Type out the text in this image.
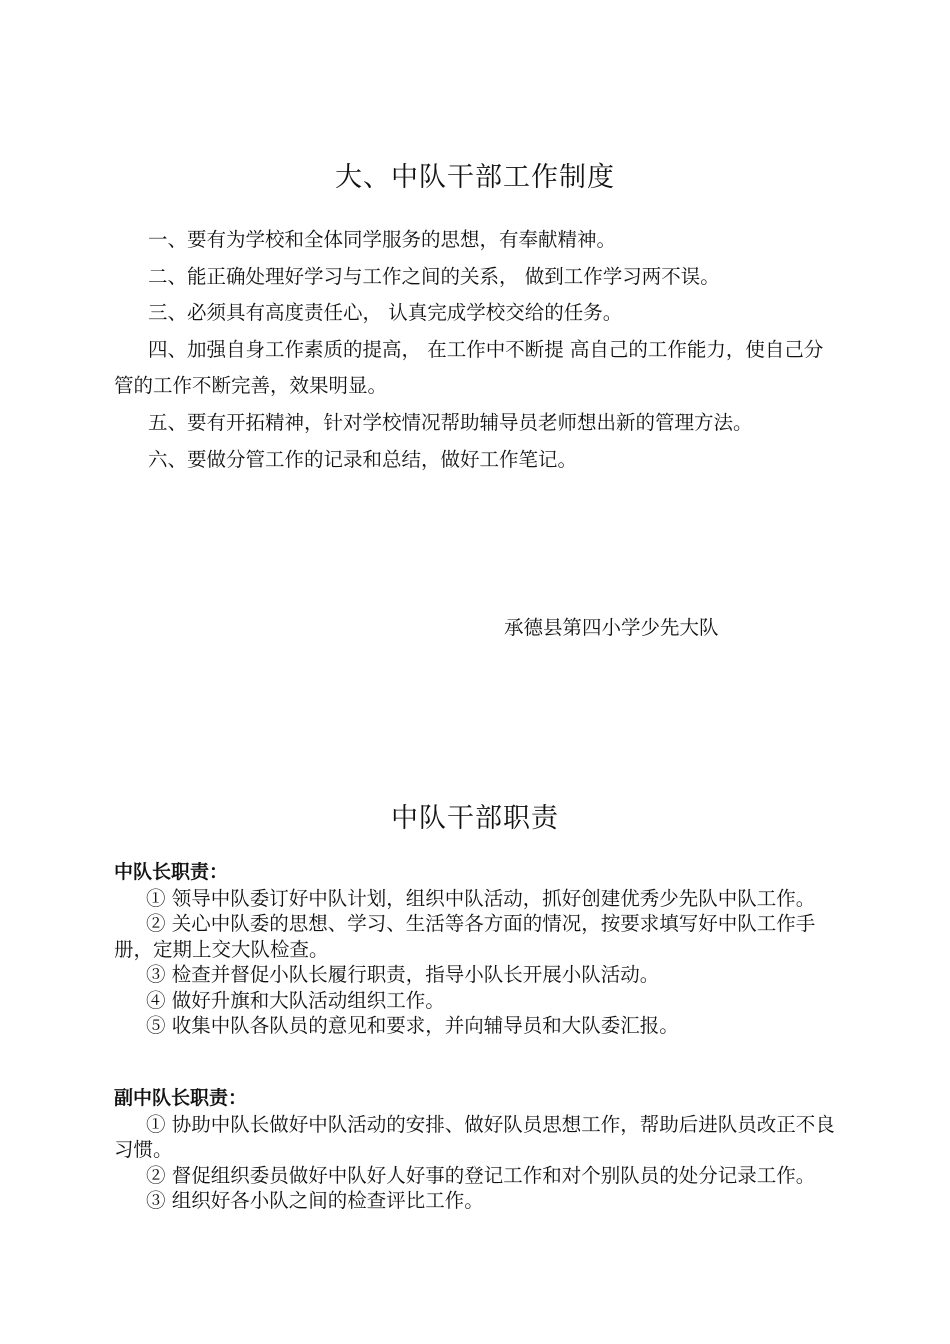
大、中队干部工作制度

一、要有为学校和全体同学服务的思想，有奉献精神。

二、能正确处理好学习与工作之间的关系， 做到工作学习两不误。

三、必须具有高度责任心， 认真完成学校交给的任务。

四、加强自身工作素质的提高， 在工作中不断提 高自己的工作能力，使自己分管的工作不断完善，效果明显。

五、要有开拓精神，针对学校情况帮助辅导员老师想出新的管理方法。

六、要做分管工作的记录和总结，做好工作笔记。

承德县第四小学少先大队
中队干部职责

中队长职责：

① 领导中队委订好中队计划，组织中队活动，抓好创建优秀少先队中队工作。
② 关心中队委的思想、学习、生活等各方面的情况，按要求填写好中队工作手册，定期上交大队检查。
③ 检查并督促小队长履行职责，指导小队长开展小队活动。
④ 做好升旗和大队活动组织工作。
⑤ 收集中队各队员的意见和要求，并向辅导员和大队委汇报。

副中队长职责：

① 协助中队长做好中队活动的安排、做好队员思想工作，帮助后进队员改正不良习惯。
② 督促组织委员做好中队好人好事的登记工作和对个别队员的处分记录工作。
③ 组织好各小队之间的检查评比工作。
